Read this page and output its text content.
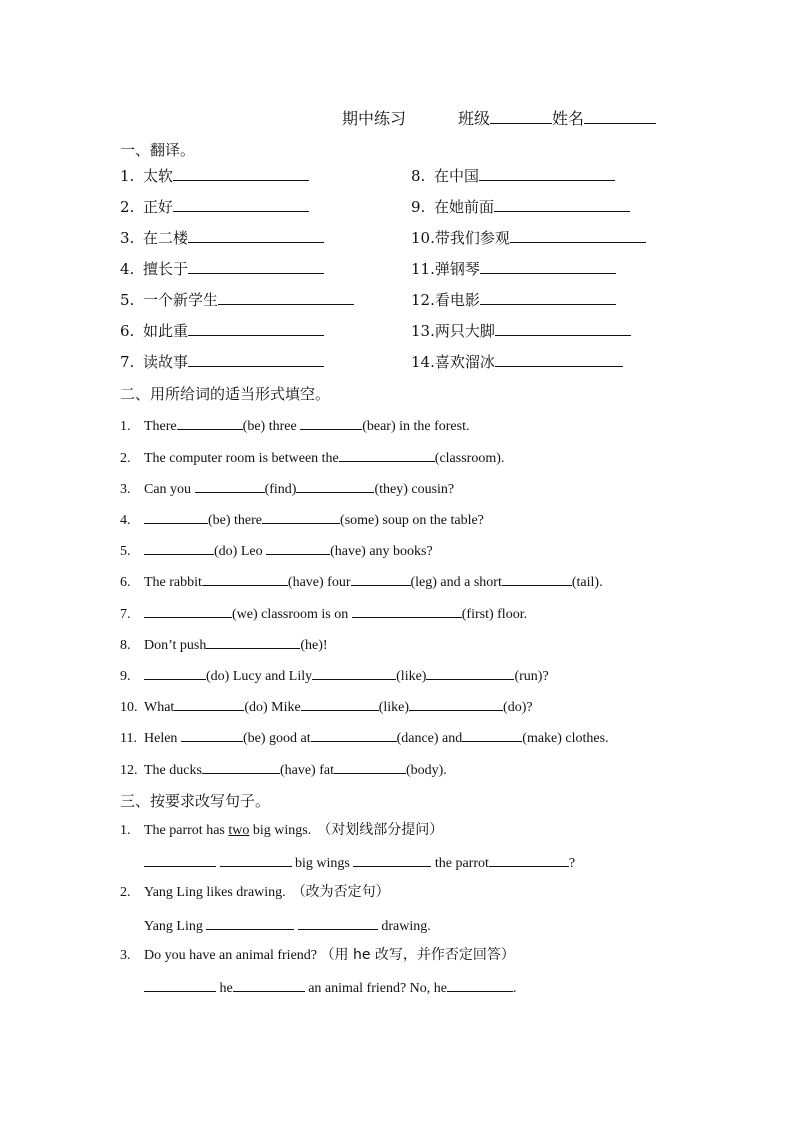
期中练习	班级	姓名
一、翻译。
1. 太软
2. 正好
3. 在二楼
4. 擅长于
5. 一个新学生
6. 如此重
7. 读故事
8. 在中国
9. 在她前面
10.带我们参观
11.弹钢琴
12.看电影
13.两只大脚
14.喜欢溜冰
二、用所给词的适当形式填空。
1. There	(be) three	(bear) in the forest.
2. The computer room is between the	(classroom).
3. Can you	(find)	(they) cousin?
4.	(be) there	(some) soup on the table?
5.	(do) Leo	(have) any books?
6. The rabbit	(have) four	(leg) and a short	(tail).
7.	(we) classroom is on	(first) floor.
8. Don’t push	(he)!
9.	(do) Lucy and Lily	(like)	(run)?
10. What	(do) Mike	(like)	(do)?
11. Helen	(be) good at	(dance) and	(make) clothes.
12. The ducks	(have) fat	(body).
三、按要求改写句子。
1. The parrot has two big wings. （对划线部分提问）
big wings	the parrot	?
2. Yang Ling likes drawing. （改为否定句）
Yang Ling	drawing.
3. Do you have an animal friend? （用 he 改写，并作否定回答）
he	an animal friend? No, he	.
